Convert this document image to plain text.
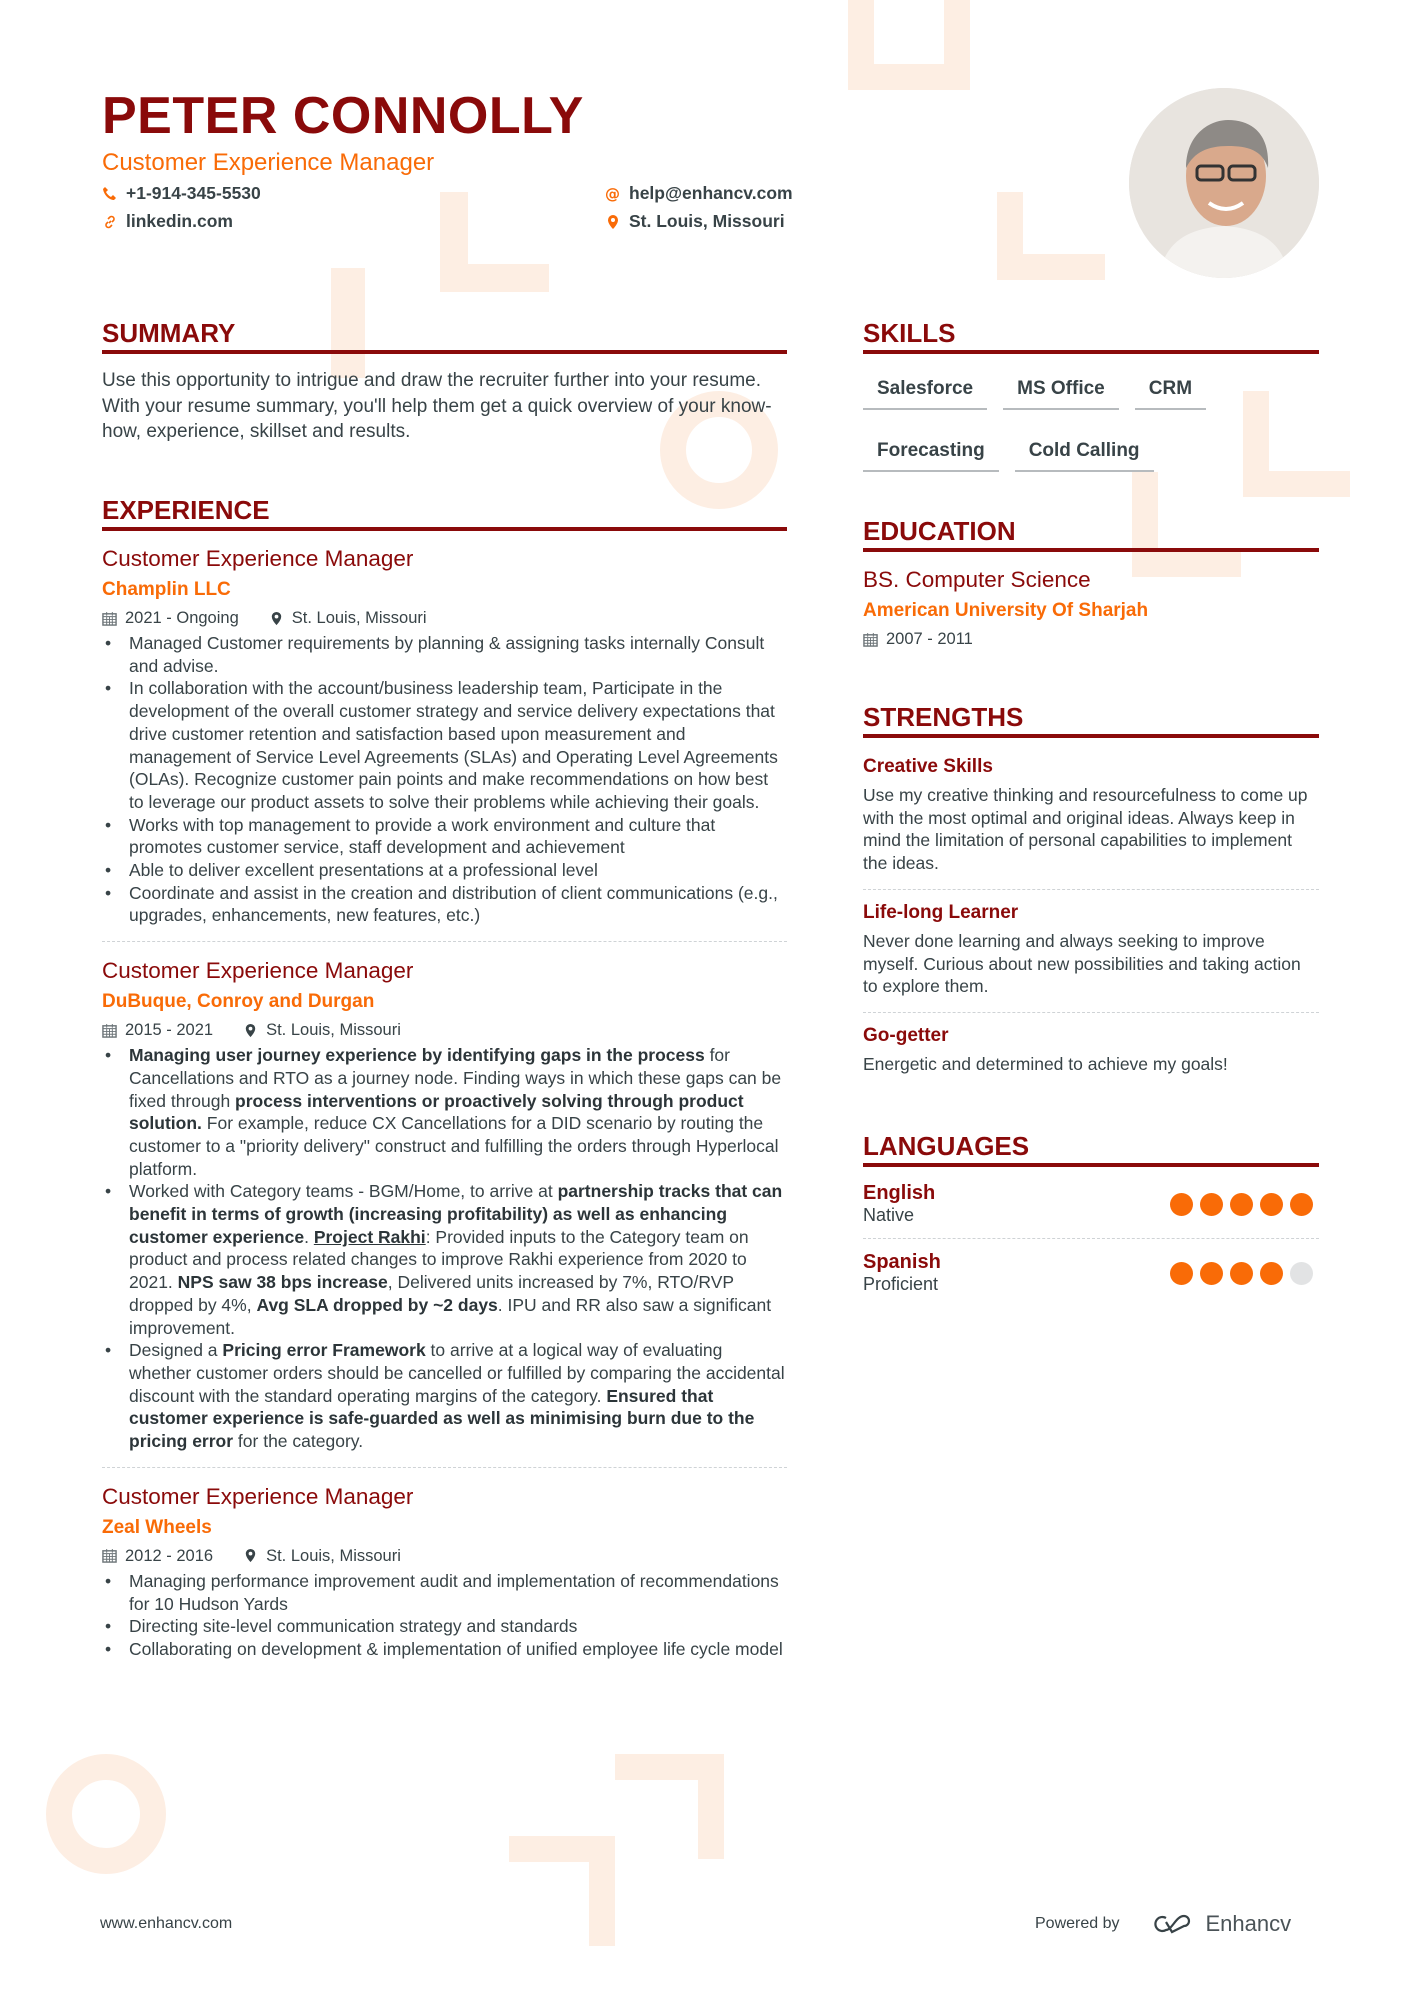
PETER CONNOLLY
Customer Experience Manager
+1-914-345-5530
linkedin.com
@ help@enhancv.com
St. Louis, Missouri
SUMMARY
Use this opportunity to intrigue and draw the recruiter further into your resume. With your resume summary, you'll help them get a quick overview of your know-how, experience, skillset and results.
EXPERIENCE
Customer Experience Manager
Champlin LLC
2021 - Ongoing	St. Louis, Missouri
• Managed Customer requirements by planning & assigning tasks internally Consult and advise.
• In collaboration with the account/business leadership team, Participate in the development of the overall customer strategy and service delivery expectations that drive customer retention and satisfaction based upon measurement and management of Service Level Agreements (SLAs) and Operating Level Agreements (OLAs). Recognize customer pain points and make recommendations on how best to leverage our product assets to solve their problems while achieving their goals.
• Works with top management to provide a work environment and culture that promotes customer service, staff development and achievement
• Able to deliver excellent presentations at a professional level
• Coordinate and assist in the creation and distribution of client communications (e.g., upgrades, enhancements, new features, etc.)
Customer Experience Manager
DuBuque, Conroy and Durgan
2015 - 2021	St. Louis, Missouri
• Managing user journey experience by identifying gaps in the process for Cancellations and RTO as a journey node. Finding ways in which these gaps can be fixed through process interventions or proactively solving through product solution. For example, reduce CX Cancellations for a DID scenario by routing the customer to a "priority delivery" construct and fulfilling the orders through Hyperlocal platform.
• Worked with Category teams - BGM/Home, to arrive at partnership tracks that can benefit in terms of growth (increasing profitability) as well as enhancing customer experience. Project Rakhi: Provided inputs to the Category team on product and process related changes to improve Rakhi experience from 2020 to 2021. NPS saw 38 bps increase, Delivered units increased by 7%, RTO/RVP dropped by 4%, Avg SLA dropped by ~2 days. IPU and RR also saw a significant improvement.
• Designed a Pricing error Framework to arrive at a logical way of evaluating whether customer orders should be cancelled or fulfilled by comparing the accidental discount with the standard operating margins of the category. Ensured that customer experience is safe-guarded as well as minimising burn due to the pricing error for the category.
Customer Experience Manager
Zeal Wheels
2012 - 2016	St. Louis, Missouri
• Managing performance improvement audit and implementation of recommendations for 10 Hudson Yards
• Directing site-level communication strategy and standards
• Collaborating on development & implementation of unified employee life cycle model
SKILLS
Salesforce	MS Office	CRM
Forecasting	Cold Calling
EDUCATION
BS. Computer Science
American University Of Sharjah
2007 - 2011
STRENGTHS
Creative Skills
Use my creative thinking and resourcefulness to come up with the most optimal and original ideas. Always keep in mind the limitation of personal capabilities to implement the ideas.
Life-long Learner
Never done learning and always seeking to improve myself. Curious about new possibilities and taking action to explore them.
Go-getter
Energetic and determined to achieve my goals!
LANGUAGES
English
Native
Spanish
Proficient
www.enhancv.com	Powered by	Enhancv
